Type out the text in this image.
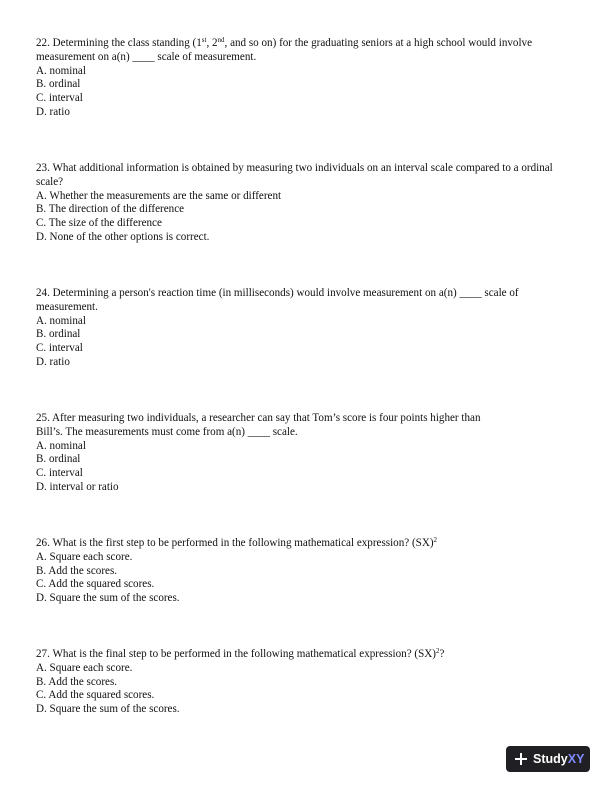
22. Determining the class standing (1st, 2nd, and so on) for the graduating seniors at a high school would involve measurement on a(n) ____ scale of measurement.

A. nominal

B. ordinal

C. interval

D. ratio

23. What additional information is obtained by measuring two individuals on an interval scale compared to a ordinal scale?

A. Whether the measurements are the same or different

B. The direction of the difference

C. The size of the difference

D. None of the other options is correct.

24. Determining a person's reaction time (in milliseconds) would involve measurement on a(n) ____ scale of measurement.

A. nominal

B. ordinal

C. interval

D. ratio

25. After measuring two individuals, a researcher can say that Tom’s score is four points higher than

Bill’s. The measurements must come from a(n) ____ scale.

A. nominal

B. ordinal

C. interval

D. interval or ratio

26. What is the first step to be performed in the following mathematical expression? (SX)$^2$

A. Square each score.

B. Add the scores.

C. Add the squared scores.

D. Square the sum of the scores.

27. What is the final step to be performed in the following mathematical expression? (SX)$^2$?

A. Square each score.

B. Add the scores.

C. Add the squared scores.

D. Square the sum of the scores.

Study XY
